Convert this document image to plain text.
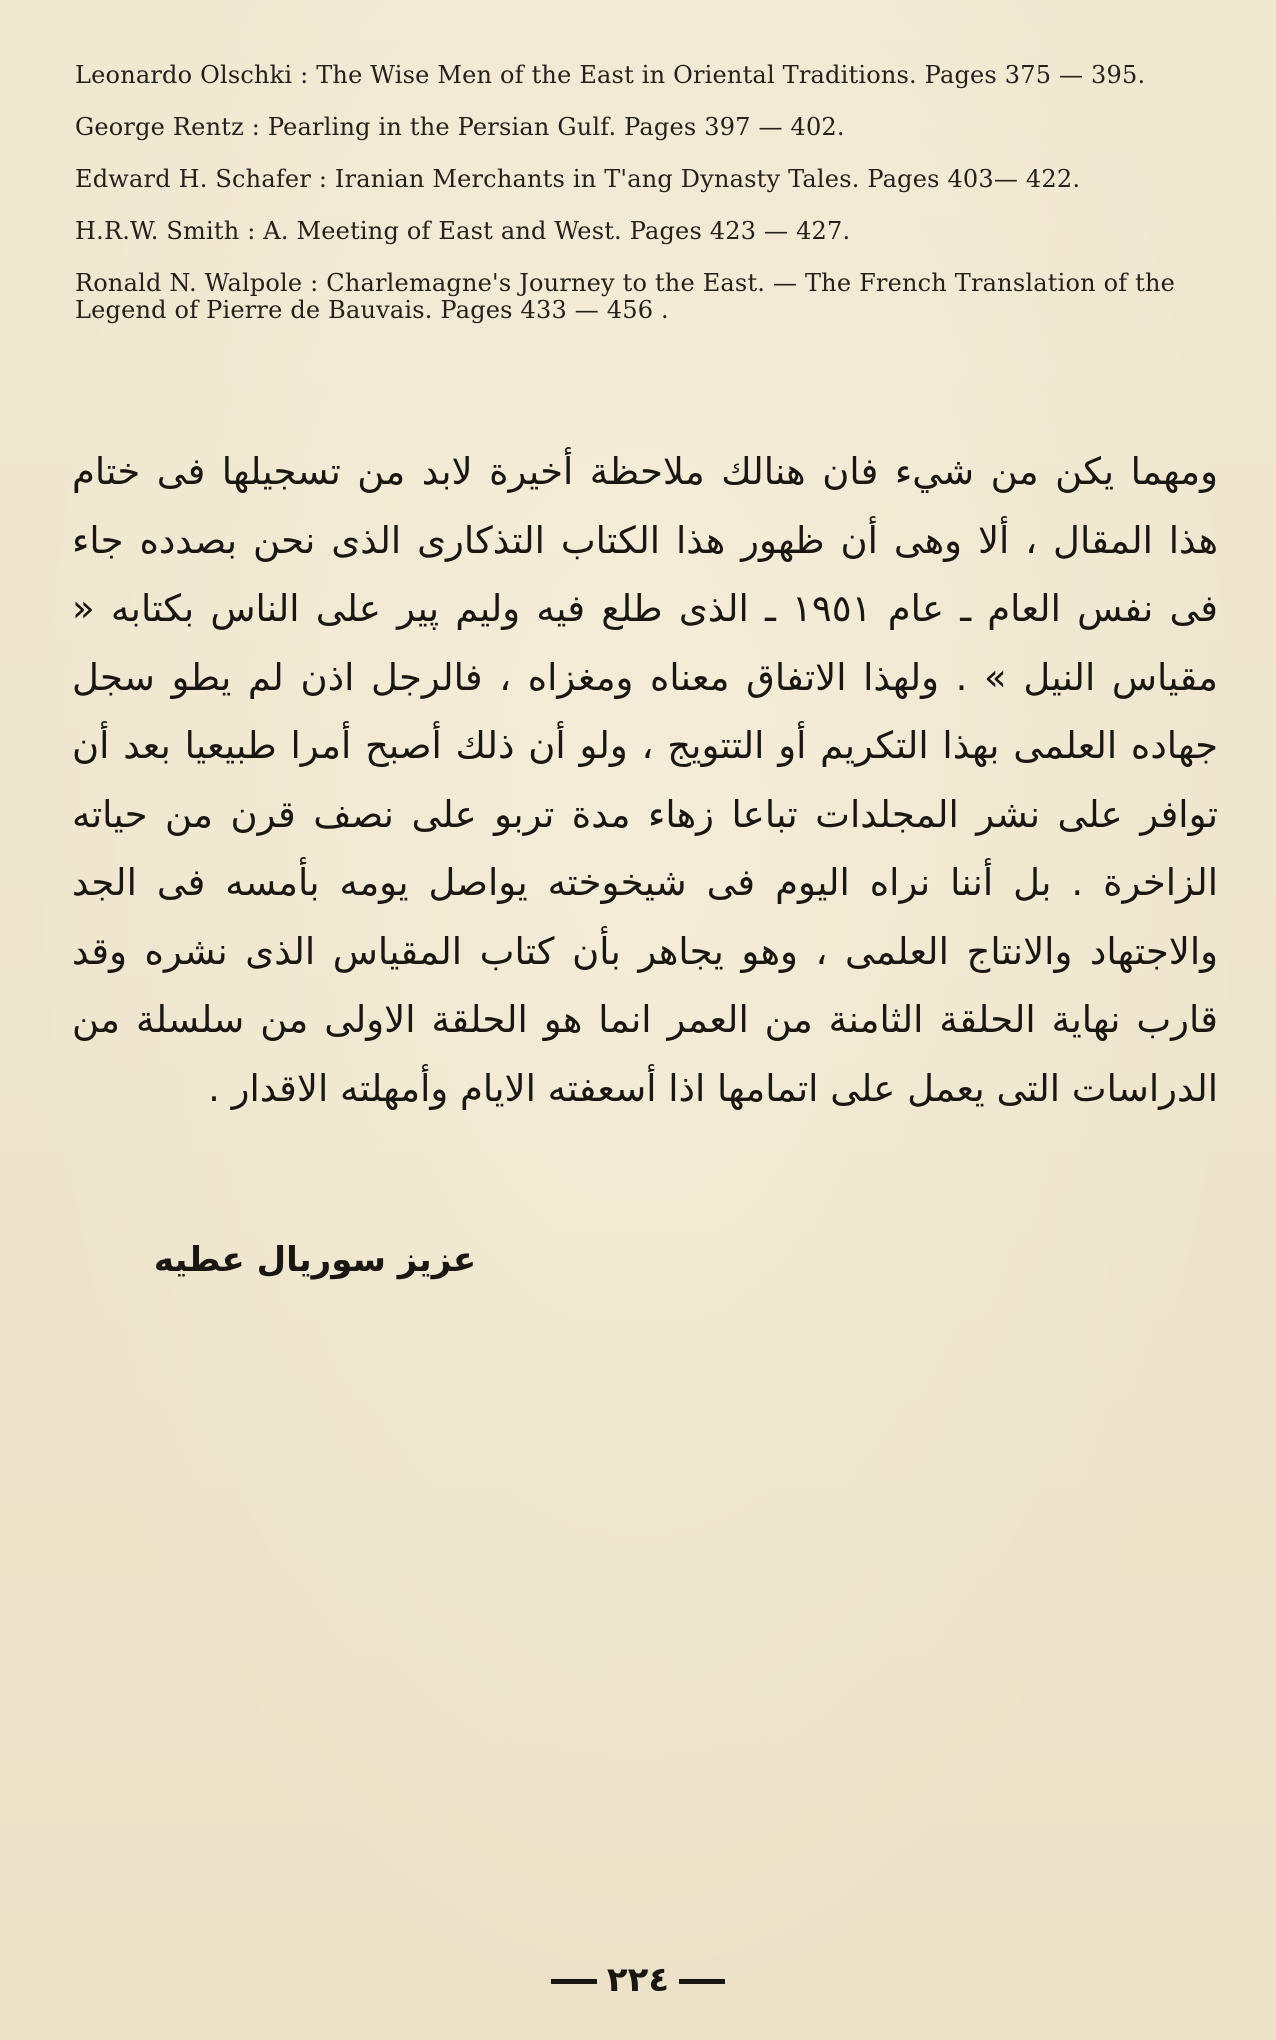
Leonardo Olschki : The Wise Men of the East in Oriental Traditions. Pages 375 — 395.
George Rentz : Pearling in the Persian Gulf. Pages 397 — 402.
Edward H. Schafer : Iranian Merchants in T'ang Dynasty Tales. Pages 403— 422.
H.R.W. Smith : A. Meeting of East and West. Pages 423 — 427.
Ronald N. Walpole : Charlemagne's Journey to the East. — The French Translation of the Legend of Pierre de Bauvais. Pages 433 — 456 .

ومهما يكن من شيء فان هنالك ملاحظة أخيرة لابد من تسجيلها فى ختام هذا المقال ، ألا وهى أن ظهور هذا الكتاب التذكارى الذى نحن بصدده جاء فى نفس العام ـ عام ١٩٥١ ـ الذى طلع فيه وليم پير على الناس بكتابه « مقياس النيل » . ولهذا الاتفاق معناه ومغزاه ، فالرجل اذن لم يطو سجل جهاده العلمى بهذا التكريم أو التتويج ، ولو أن ذلك أصبح أمرا طبيعيا بعد أن توافر على نشر المجلدات تباعا زهاء مدة تربو على نصف قرن من حياته الزاخرة . بل أننا نراه اليوم فى شيخوخته يواصل يومه بأمسه فى الجد والاجتهاد والانتاج العلمى ، وهو يجاهر بأن كتاب المقياس الذى نشره وقد قارب نهاية الحلقة الثامنة من العمر انما هو الحلقة الاولى من سلسلة من الدراسات التى يعمل على اتمامها اذا أسعفته الايام وأمهلته الاقدار .

عزيز سوريال عطيه
٢٢٤
